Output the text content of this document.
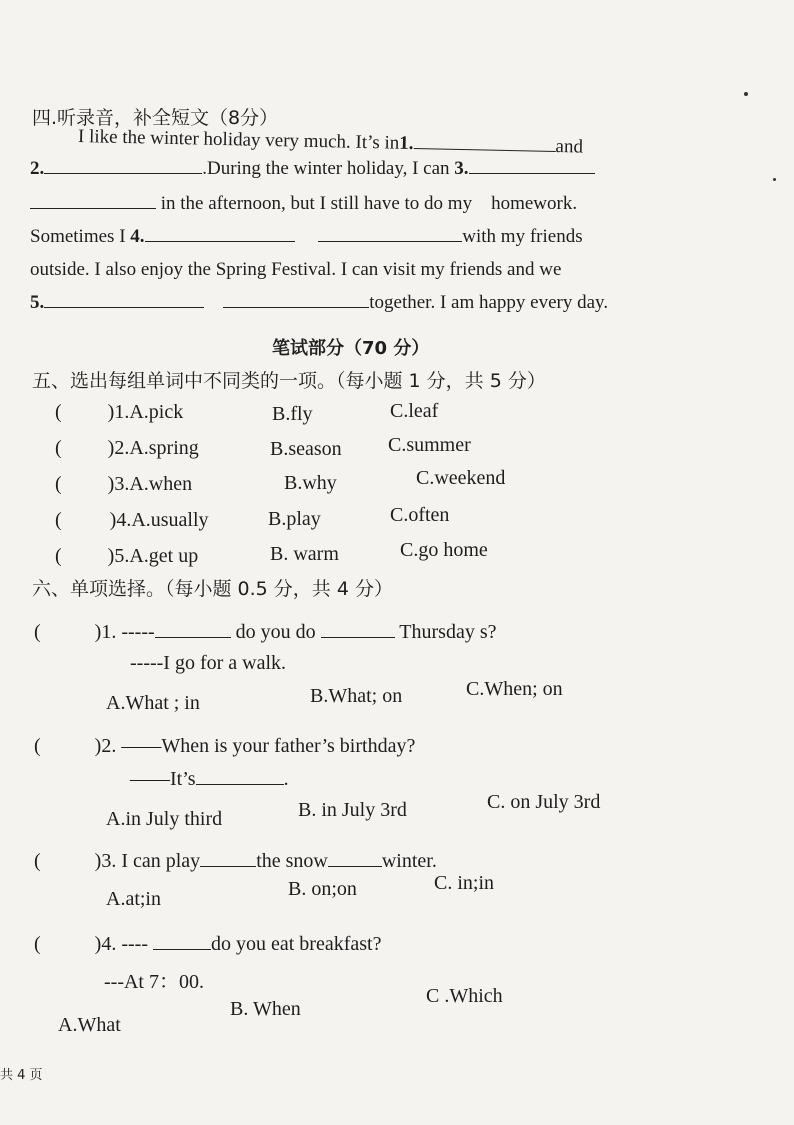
四.听录音，补全短文（8分）
I like the winter holiday very much. It’s in1.	and
2.	.During the winter holiday, I can 3.
in the afternoon, but I still have to do my homework.
Sometimes I 4.	with my friends
outside. I also enjoy the Spring Festival. I can visit my friends and we
5.	together. I am happy every day.
笔试部分（70 分）
五、选出每组单词中不同类的一项。（每小题 1 分，共 5 分）
( )1.A.pick	B.fly	C.leaf
( )2.A.spring	B.season C.summer
( )3.A.when	B.why	C.weekend
( )4.A.usually	B.play	C.often
( )5.A.get up	B. warm	C.go home
六、单项选择。（每小题 0.5 分，共 4 分）
(	)1. -----	do you do	Thursday s?
-----I go for a walk.
A.What ; in	B.What; on	C.When; on
(	)2. ——When is your father’s birthday?
——It’s	.
A.in July third	B. in July 3rd	C. on July 3rd
(	)3. I can play	the snow	winter.
A.at;in	B. on;on	C. in;in
(	)4. ----	do you eat breakfast?
---At 7：00.
A.What
B. When
C .Which
共 4 页
